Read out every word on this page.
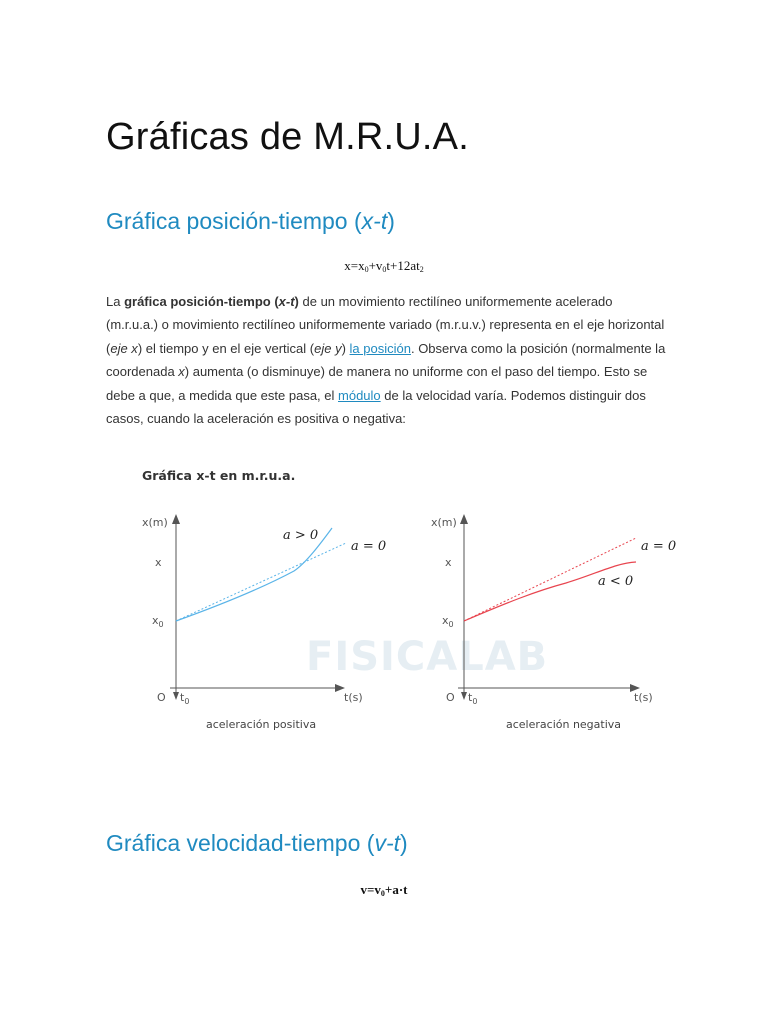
Gráficas de M.R.U.A.
Gráfica posición-tiempo (x-t)
$x=x_0+v_0t+12at_2$

La gráfica posición-tiempo (x-t) de un movimiento rectilíneo uniformemente acelerado (m.r.u.a.) o movimiento rectilíneo uniformemente variado (m.r.u.v.) representa en el eje horizontal (eje x) el tiempo y en el eje vertical (eje y) la posición. Observa como la posición (normalmente la coordenada x) aumenta (o disminuye) de manera no uniforme con el paso del tiempo. Esto se debe a que, a medida que este pasa, el módulo de la velocidad varía. Podemos distinguir dos casos, cuando la aceleración es positiva o negativa:

Gráfica x-t en m.r.u.a.
FISICALAB
x(m)
x
$x_0$
O $t_0$	t(s)
a > 0
a = 0
aceleración positiva
x(m)
x
$x_0$
O $t_0$	t(s)
a < 0
a = 0
aceleración negativa
Gráfica velocidad-tiempo (v-t)
$v=v_0+a\cdot t$
